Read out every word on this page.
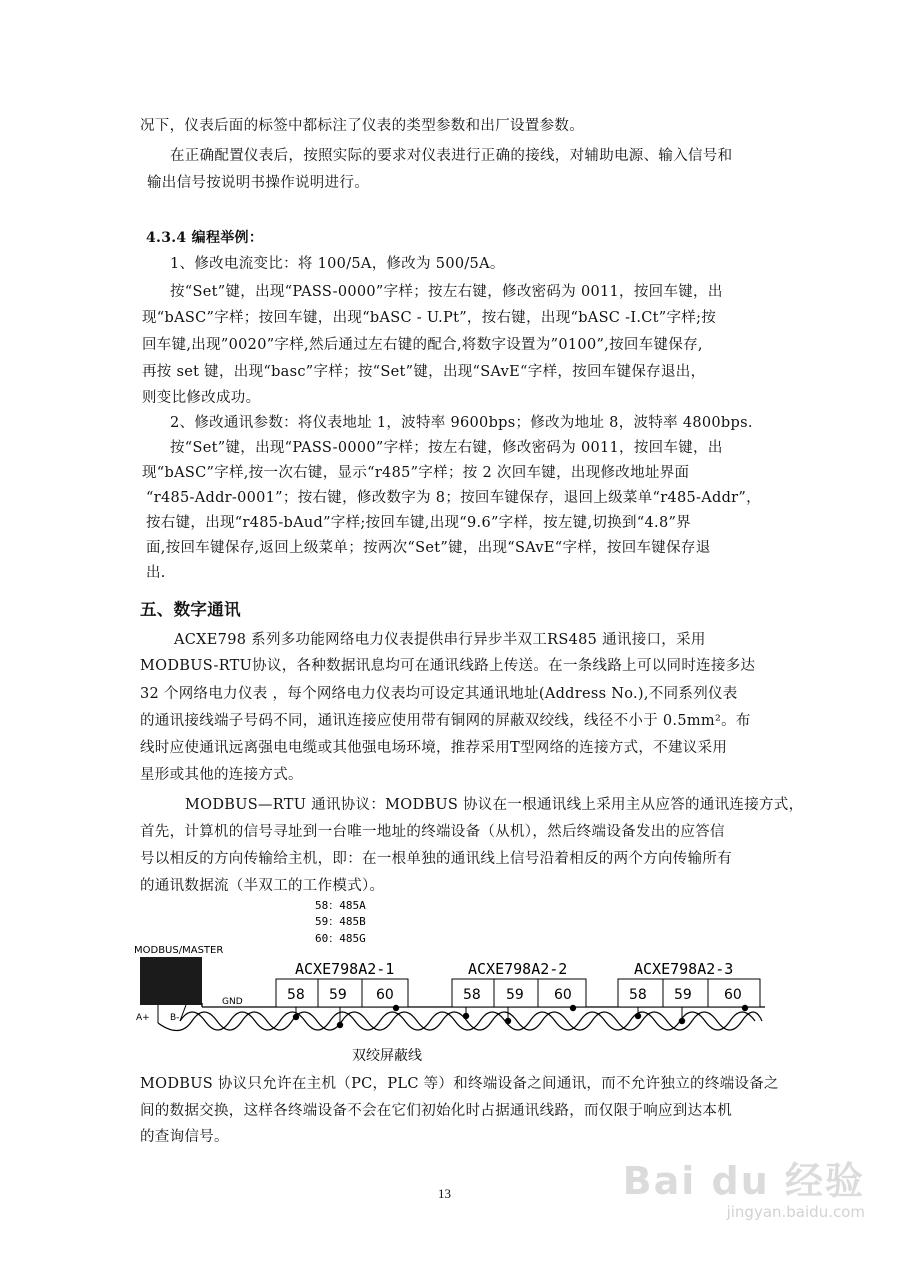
况下，仪表后面的标签中都标注了仪表的类型参数和出厂设置参数。
在正确配置仪表后，按照实际的要求对仪表进行正确的接线，对辅助电源、输入信号和
输出信号按说明书操作说明进行。
4.3.4 编程举例：
1、修改电流变比：将 100/5A，修改为 500/5A。
按“Set”键，出现“PASS-0000”字样；按左右键，修改密码为 0011，按回车键，出
现“bASC”字样；按回车键，出现“bASC - U.Pt”，按右键，出现“bASC -I.Ct”字样;按
回车键,出现”0020”字样,然后通过左右键的配合,将数字设置为”0100”,按回车键保存,
再按 set 键，出现“basc”字样；按“Set”键，出现“SAvE“字样，按回车键保存退出，
则变比修改成功。
2、修改通讯参数：将仪表地址 1，波特率 9600bps；修改为地址 8，波特率 4800bps.
按“Set”键，出现“PASS-0000”字样；按左右键，修改密码为 0011，按回车键，出
现“bASC”字样,按一次右键，显示“r485”字样；按 2 次回车键，出现修改地址界面
“r485-Addr-0001”；按右键，修改数字为 8；按回车键保存，退回上级菜单“r485-Addr”，
按右键，出现“r485-bAud”字样;按回车键,出现“9.6”字样，按左键,切换到“4.8”界
面,按回车键保存,返回上级菜单；按两次“Set”键，出现“SAvE“字样，按回车键保存退
出.
五、数字通讯
ACXE798 系列多功能网络电力仪表提供串行异步半双工RS485 通讯接口，采用
MODBUS-RTU协议，各种数据讯息均可在通讯线路上传送。在一条线路上可以同时连接多达
32 个网络电力仪表 ，每个网络电力仪表均可设定其通讯地址(Address No.),不同系列仪表
的通讯接线端子号码不同，通讯连接应使用带有铜网的屏蔽双绞线，线径不小于 0.5mm²。布
线时应使通讯远离强电电缆或其他强电场环境，推荐采用T型网络的连接方式，不建议采用
星形或其他的连接方式。
MODBUS—RTU 通讯协议：MODBUS 协议在一根通讯线上采用主从应答的通讯连接方式，
首先，计算机的信号寻址到一台唯一地址的终端设备（从机），然后终端设备发出的应答信
号以相反的方向传输给主机，即：在一根单独的通讯线上信号沿着相反的两个方向传输所有
的通讯数据流（半双工的工作模式）。
58：485A
59：485B
60：485G
MODBUS/MASTER
GND
A+ B-
ACXE798A2-1
58 59 60
ACXE798A2-2
58 59 60
ACXE798A2-3
58 59 60
双绞屏蔽线
MODBUS 协议只允许在主机（PC，PLC 等）和终端设备之间通讯，而不允许独立的终端设备之
间的数据交换，这样各终端设备不会在它们初始化时占据通讯线路，而仅限于响应到达本机
的查询信号。
13	Bai du 经验
jingyan.baidu.com
